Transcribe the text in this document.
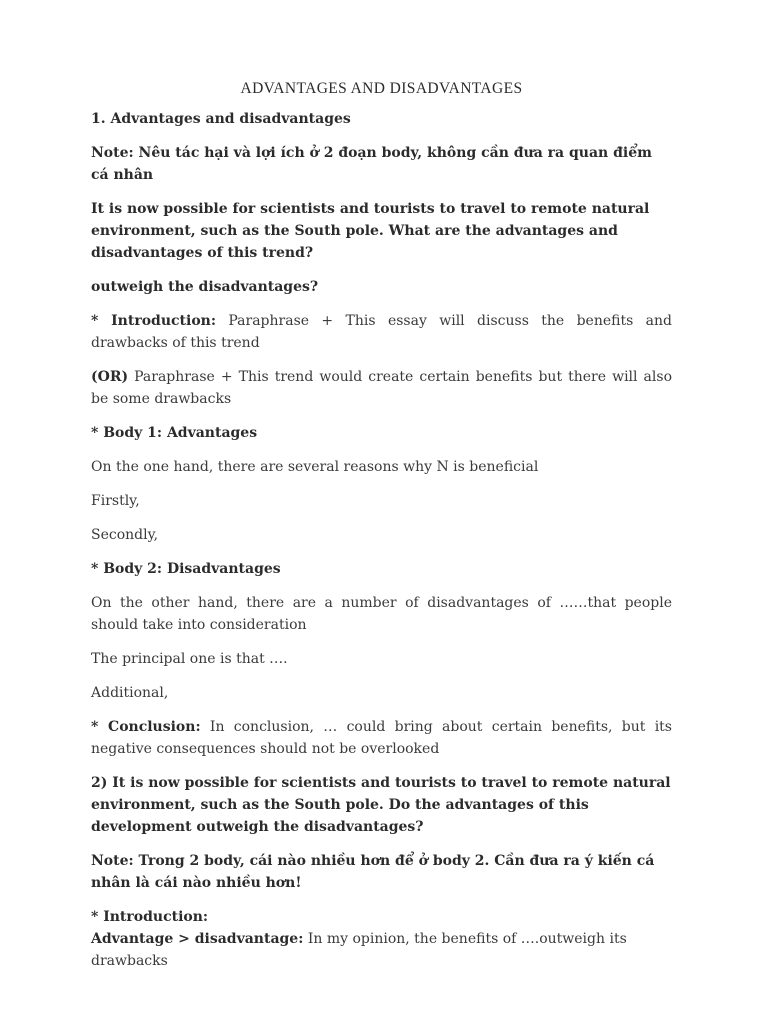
ADVANTAGES AND DISADVANTAGES

1. Advantages and disadvantages

Note: Nêu tác hại và lợi ích ở 2 đoạn body, không cần đưa ra quan điểm cá nhân

It is now possible for scientists and tourists to travel to remote natural environment, such as the South pole. What are the advantages and disadvantages of this trend?

outweigh the disadvantages?

* Introduction: Paraphrase + This essay will discuss the benefits and drawbacks of this trend

(OR) Paraphrase + This trend would create certain benefits but there will also be some drawbacks

* Body 1: Advantages

On the one hand, there are several reasons why N is beneficial

Firstly,

Secondly,

* Body 2: Disadvantages

On the other hand, there are a number of disadvantages of ……that people should take into consideration

The principal one is that ….

Additional,

* Conclusion: In conclusion, … could bring about certain benefits, but its negative consequences should not be overlooked

2) It is now possible for scientists and tourists to travel to remote natural environment, such as the South pole. Do the advantages of this development outweigh the disadvantages?

Note: Trong 2 body, cái nào nhiều hơn để ở body 2. Cần đưa ra ý kiến cá nhân là cái nào nhiều hơn!

* Introduction:

Advantage > disadvantage: In my opinion, the benefits of ….outweigh its drawbacks
